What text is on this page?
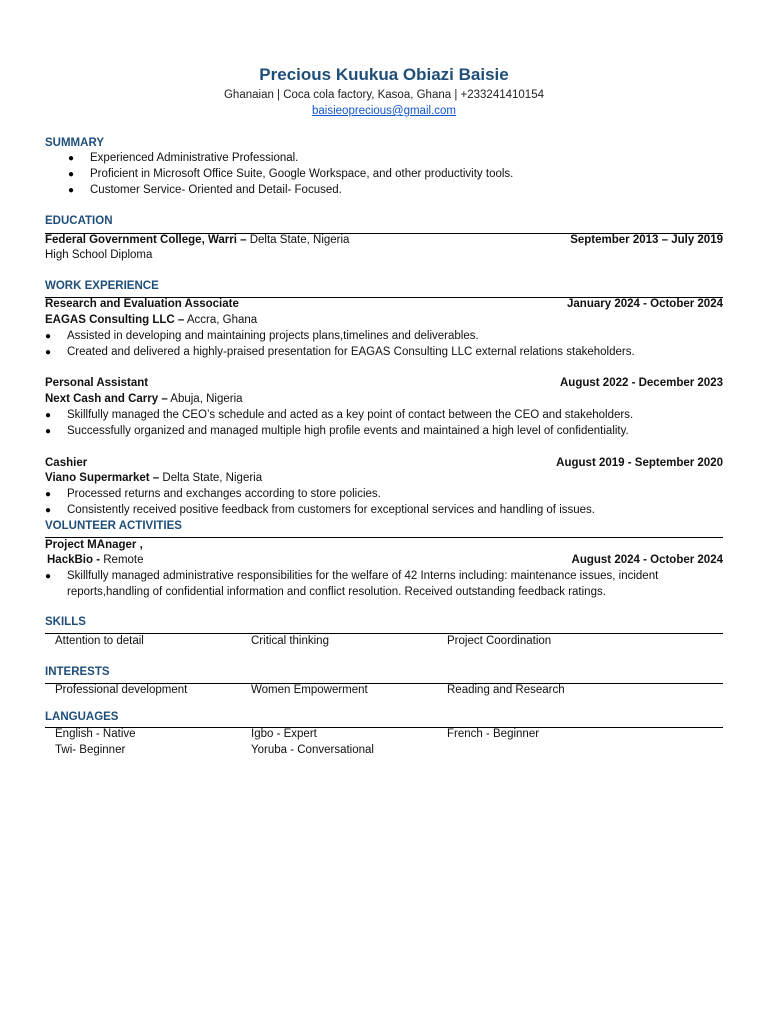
Precious Kuukua Obiazi Baisie
Ghanaian | Coca cola factory, Kasoa, Ghana | +233241410154
baisieoprecious@gmail.com
SUMMARY
● Experienced Administrative Professional.
● Proficient in Microsoft Office Suite, Google Workspace, and other productivity tools.
● Customer Service- Oriented and Detail- Focused.
EDUCATION
Federal Government College, Warri – Delta State, Nigeria	September 2013 – July 2019
High School Diploma
WORK EXPERIENCE
Research and Evaluation Associate	January 2024 - October 2024
EAGAS Consulting LLC – Accra, Ghana
● Assisted in developing and maintaining projects plans,timelines and deliverables.
● Created and delivered a highly-praised presentation for EAGAS Consulting LLC external relations stakeholders.
Personal Assistant	August 2022 - December 2023
Next Cash and Carry – Abuja, Nigeria
● Skillfully managed the CEO’s schedule and acted as a key point of contact between the CEO and stakeholders.
● Successfully organized and managed multiple high profile events and maintained a high level of confidentiality.
Cashier	August 2019 - September 2020
Viano Supermarket – Delta State, Nigeria
● Processed returns and exchanges according to store policies.
● Consistently received positive feedback from customers for exceptional services and handling of issues.
VOLUNTEER ACTIVITIES
Project MAnager ,
HackBio - Remote	August 2024 - October 2024
● Skillfully managed administrative responsibilities for the welfare of 42 Interns including: maintenance issues, incident
reports,handling of confidential information and conflict resolution. Received outstanding feedback ratings.
SKILLS
Attention to detail	Critical thinking	Project Coordination
INTERESTS
Professional development	Women Empowerment	Reading and Research
LANGUAGES
English - Native	Igbo - Expert	French - Beginner
Twi- Beginner	Yoruba - Conversational
